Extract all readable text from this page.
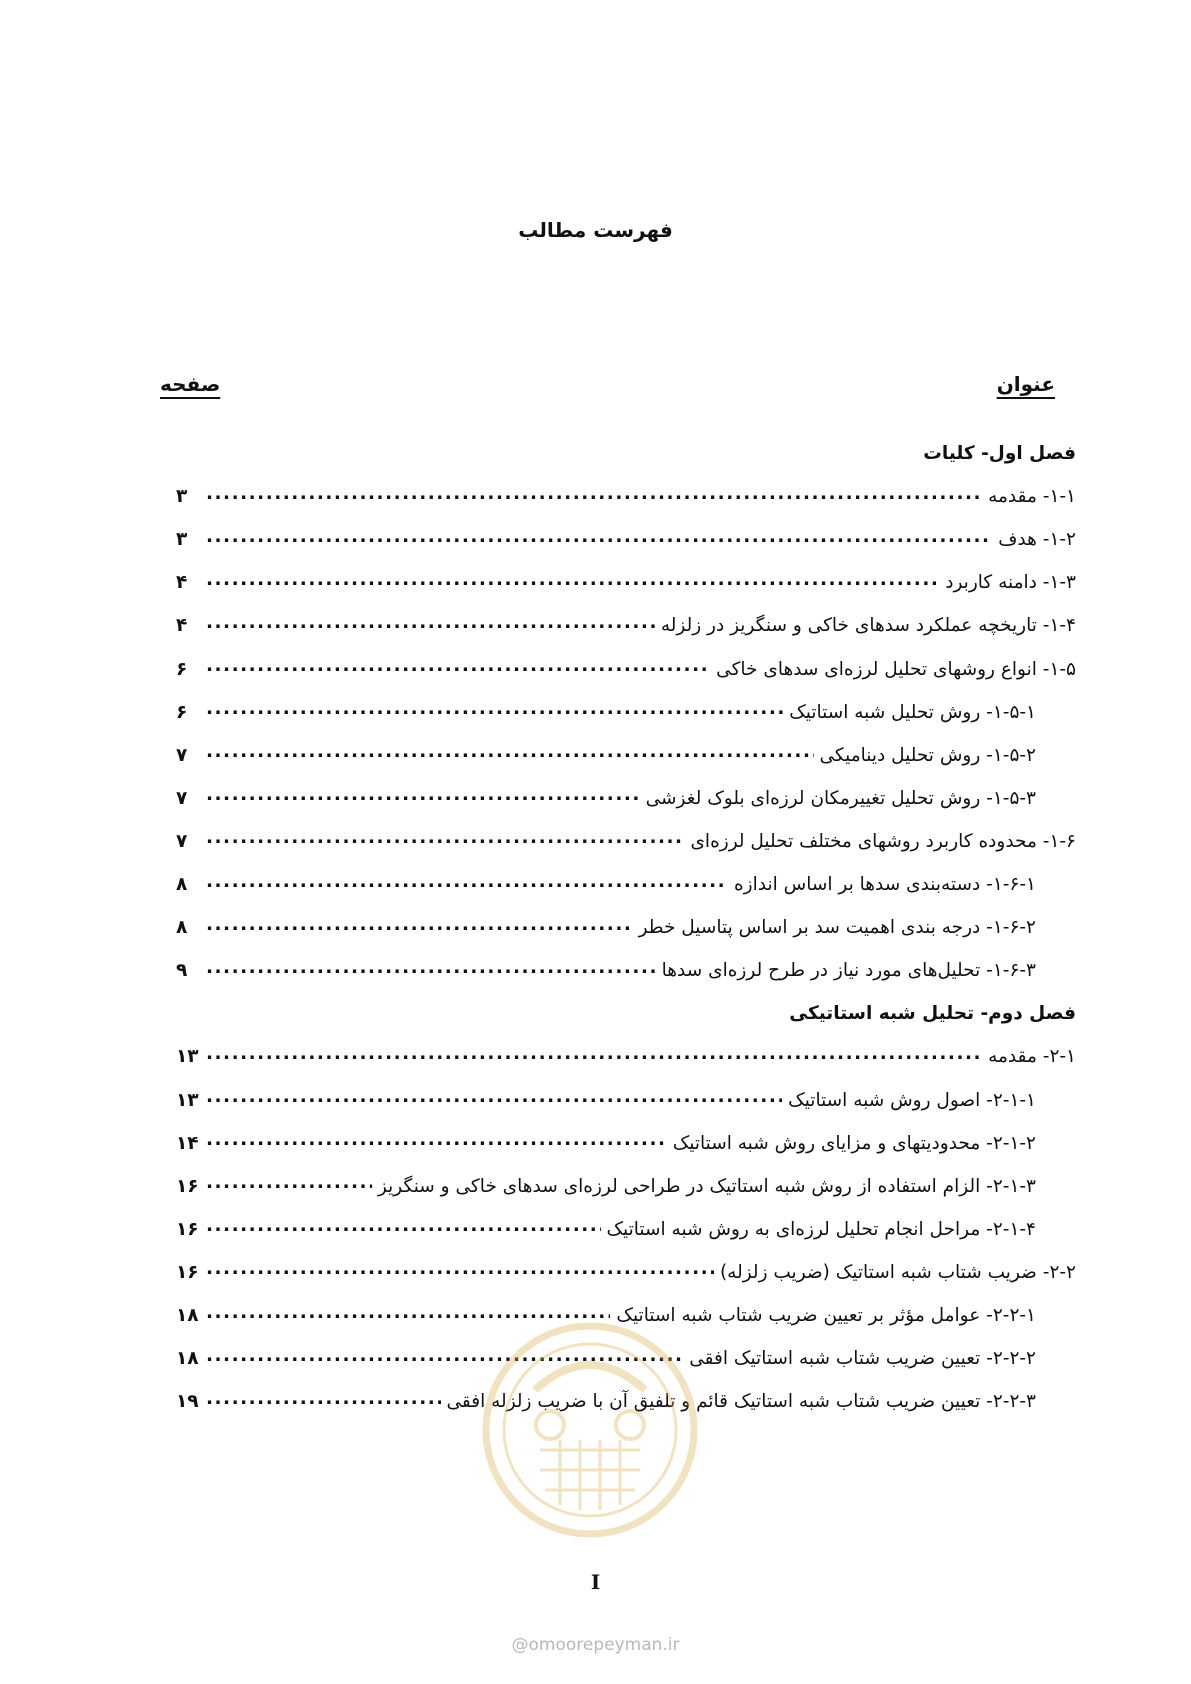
فهرست مطالب
عنوان
صفحه
فصل اول- کلیات
۱-۱- مقدمه
.....
۳
۱-۲- هدف
.....
۳
۱-۳- دامنه کاربرد
.....
۴
۱-۴- تاریخچه عملکرد سدهای خاکی و سنگریز در زلزله
.....
۴
۱-۵- انواع روشهای تحلیل لرزه‌ای سدهای خاکی
.....
۶
۱-۵-۱- روش تحلیل شبه استاتیک
.....
۶
۱-۵-۲- روش تحلیل دینامیکی
.....
۷
۱-۵-۳- روش تحلیل تغییرمکان لرزه‌ای بلوک لغزشی
.....
۷
۱-۶- محدوده کاربرد روشهای مختلف تحلیل لرزه‌ای
.....
۷
۱-۶-۱- دسته‌بندی سدها بر اساس اندازه
.....
۸
۱-۶-۲- درجه بندی اهمیت سد بر اساس پتاسیل خطر
.....
۸
۱-۶-۳- تحلیل‌های مورد نیاز در طرح لرزه‌ای سدها
.....
۹
فصل دوم- تحلیل شبه استاتیکی
۲-۱- مقدمه
.....
۱۳
۲-۱-۱- اصول روش شبه استاتیک
.....
۱۳
۲-۱-۲- محدودیتهای و مزایای روش شبه استاتیک
.....
۱۴
۲-۱-۳- الزام استفاده از روش شبه استاتیک در طراحی لرزه‌ای سدهای خاکی و سنگریز
.....
۱۶
۲-۱-۴- مراحل انجام تحلیل لرزه‌ای به روش شبه استاتیک
.....
۱۶
۲-۲- ضریب شتاب شبه استاتیک (ضریب زلزله)
.....
۱۶
۲-۲-۱- عوامل مؤثر بر تعیین ضریب شتاب شبه استاتیک
.....
۱۸
۲-۲-۲- تعیین ضریب شتاب شبه استاتیک افقی
.....
۱۸
۲-۲-۳- تعیین ضریب شتاب شبه استاتیک قائم و تلفیق آن با ضریب زلزله افقی
.....
۱۹
I
@omoorepeyman.ir
